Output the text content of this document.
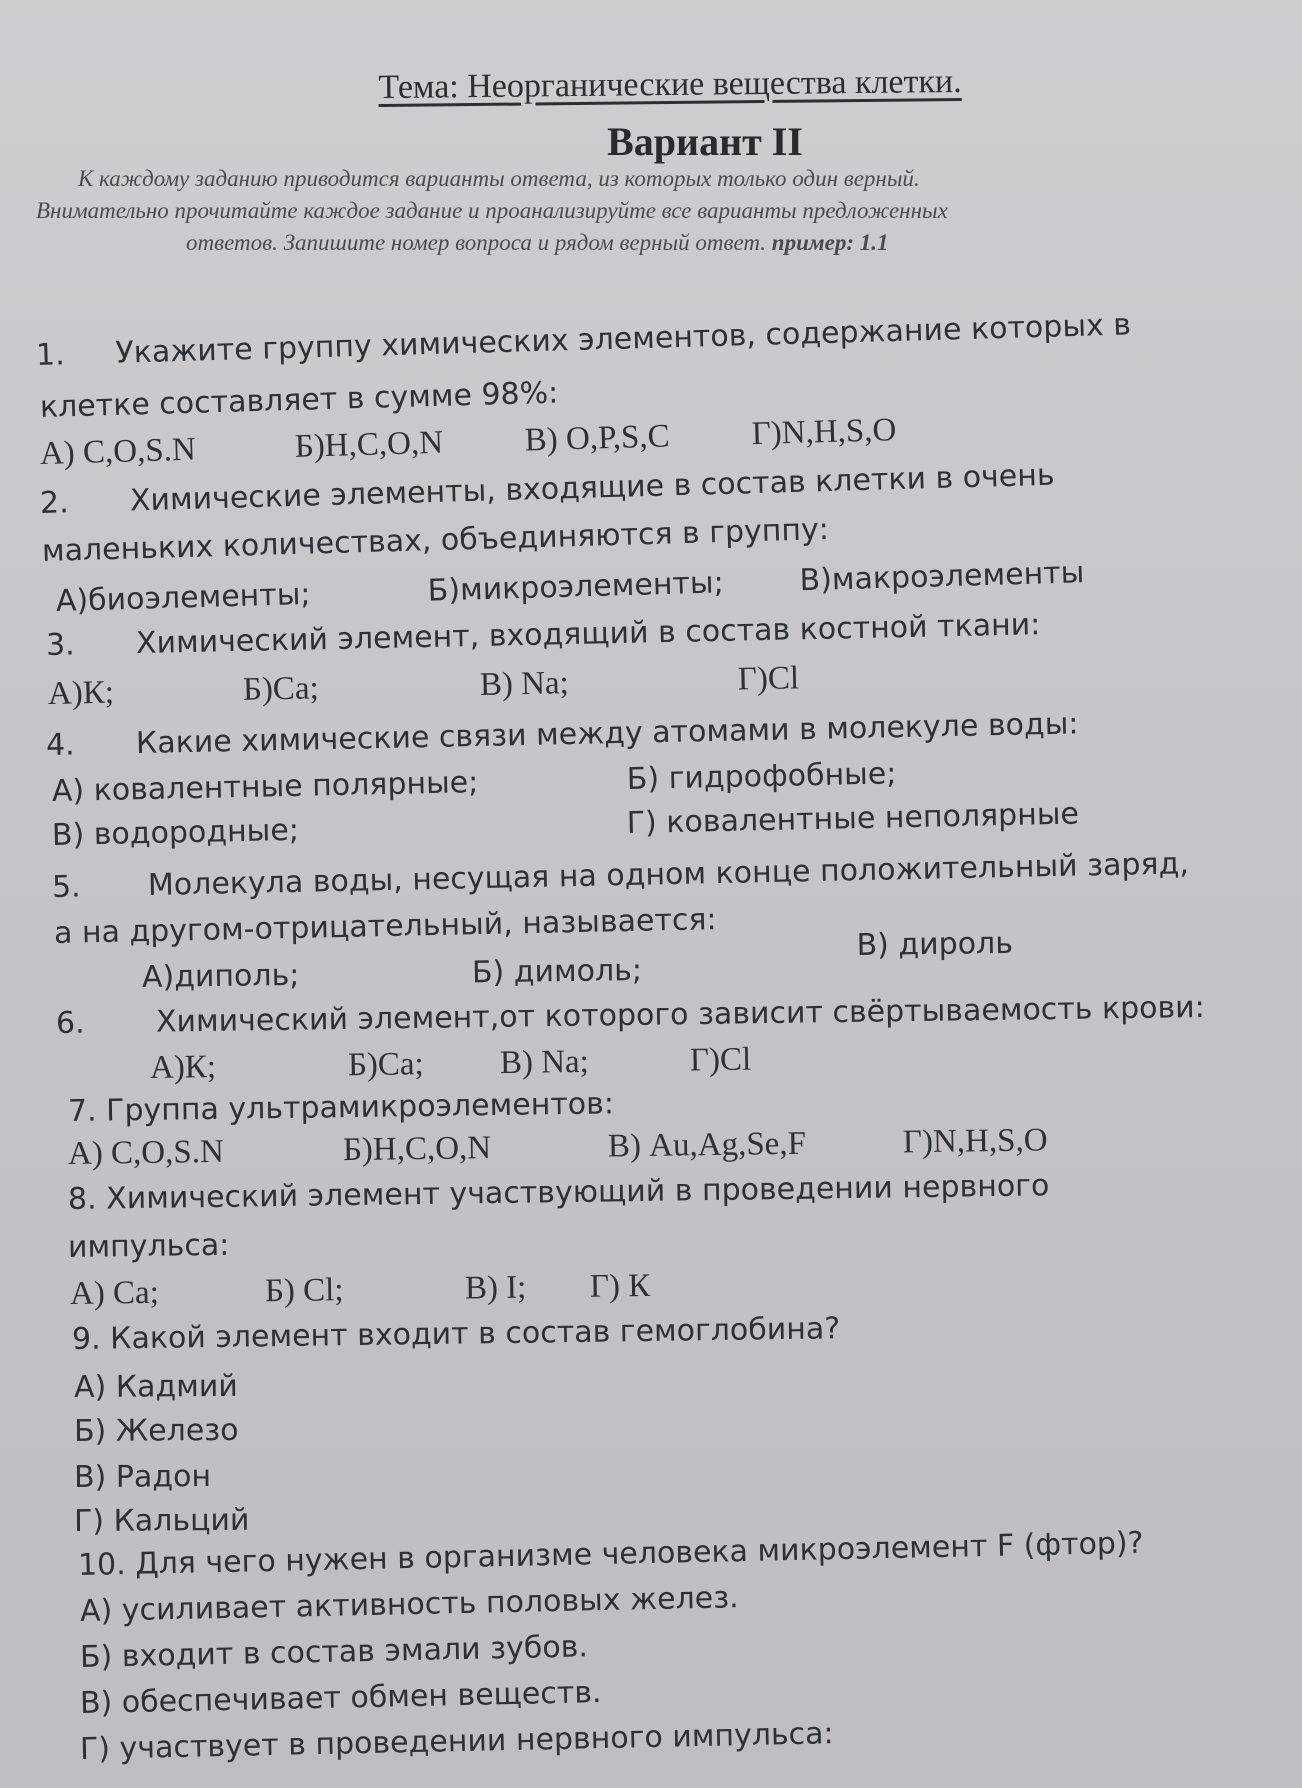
Тема: Неорганические вещества клетки.
Вариант II
К каждому заданию приводится варианты ответа, из которых только один верный.
Внимательно прочитайте каждое задание и проанализируйте все варианты предложенных
ответов. Запишите номер вопроса и рядом верный ответ. пример: 1.1
1. Укажите группу химических элементов, содержание которых в
клетке составляет в сумме 98%:
А) C,O,S.N	Б)H,C,O,N В) O,P,S,C Г)N,H,S,O
2. Химические элементы, входящие в состав клетки в очень
маленьких количествах, объединяются в группу:
А)биоэлементы;	Б)микроэлементы; В)макроэлементы
3. Химический элемент, входящий в состав костной ткани:
А)К;	Б)Са;	В) Na;	Г)Cl
4. Какие химические связи между атомами в молекуле воды:
А) ковалентные полярные;	Б) гидрофобные;
В) водородные;	Г) ковалентные неполярные
5. Молекула воды, несущая на одном конце положительный заряд,
а на другом-отрицательный, называется:
А)диполь;	Б) димоль;
В) дироль
6. Химический элемент,от которого зависит свёртываемость крови:
А)К;	Б)Са; В) Na;	Г)Cl
7. Группа ультрамикроэлементов:
А) C,O,S.N	Б)H,C,O,N	В) Au,Ag,Se,F	Г)N,H,S,O
8. Химический элемент участвующий в проведении нервного
импульса:
А) Са;	Б) Cl;	В) I; Г) К
9. Какой элемент входит в состав гемоглобина?
А) Кадмий
Б) Железо
В) Радон
Г) Кальций
10. Для чего нужен в организме человека микроэлемент F (фтор)?
А) усиливает активность половых желез.
Б) входит в состав эмали зубов.
В) обеспечивает обмен веществ.
Г) участвует в проведении нервного импульса:
